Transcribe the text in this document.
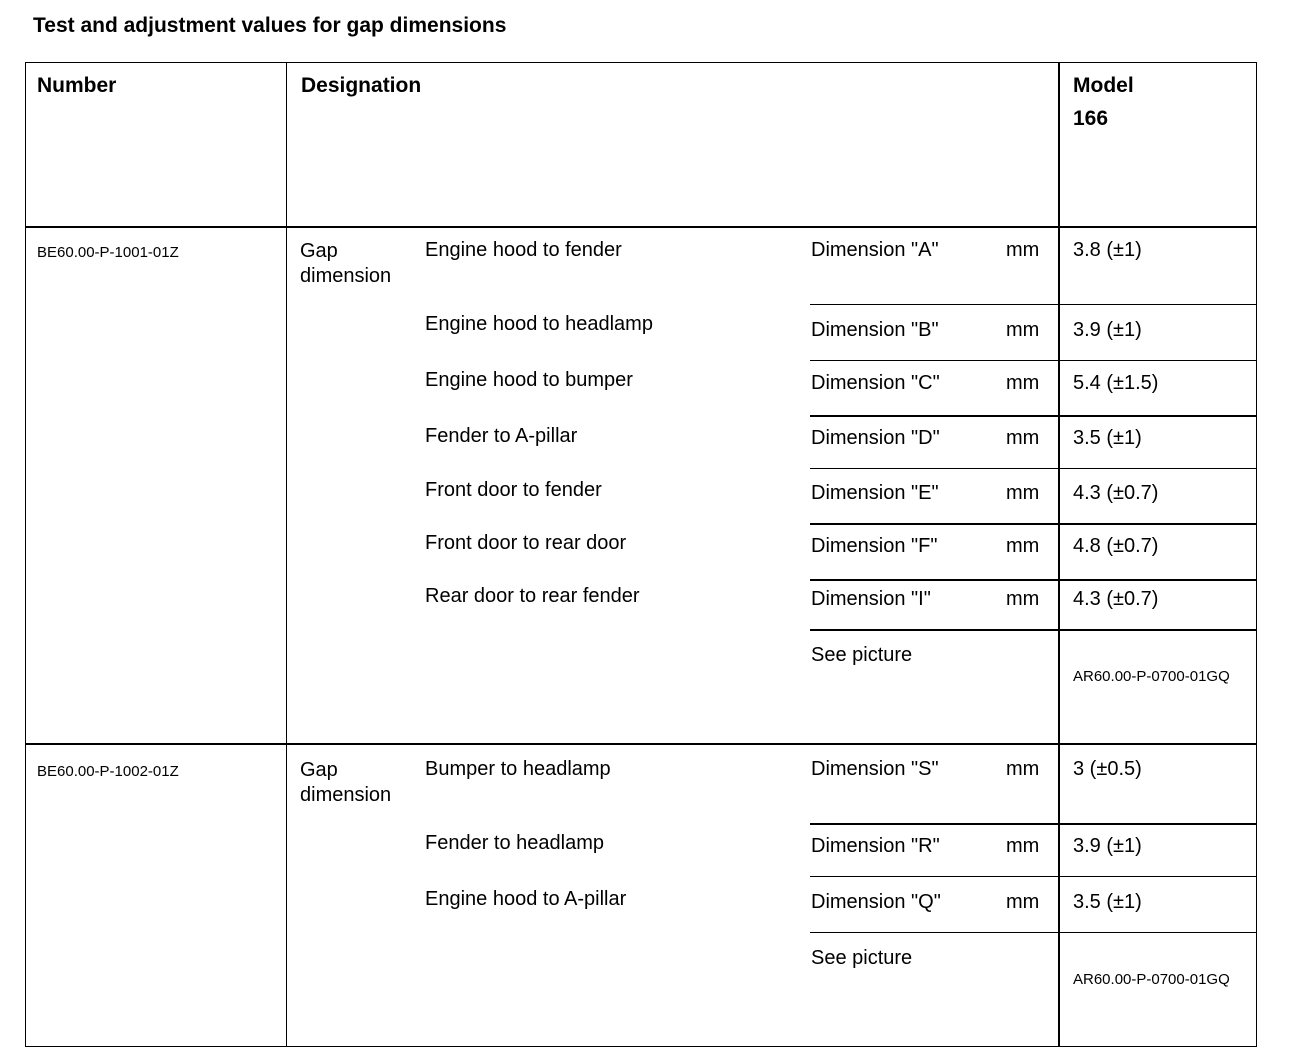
Test and adjustment values for gap dimensions
Number	Designation	Model
166
BE60.00-P-1001-01Z	Gap dimension
Engine hood to fender	Dimension "A"	mm 3.8 (±1)
Engine hood to headlamp	Dimension "B"	mm 3.9 (±1)
Engine hood to bumper	Dimension "C"	mm 5.4 (±1.5)
Fender to A-pillar	Dimension "D"	mm 3.5 (±1)
Front door to fender	Dimension "E"	mm 4.3 (±0.7)
Front door to rear door	Dimension "F"	mm 4.8 (±0.7)
Rear door to rear fender	Dimension "I"	mm 4.3 (±0.7)
See picture
AR60.00-P-0700-01GQ
BE60.00-P-1002-01Z	Gap dimension
Bumper to headlamp	Dimension "S"	mm 3 (±0.5)
Fender to headlamp	Dimension "R"	mm 3.9 (±1)
Engine hood to A-pillar	Dimension "Q"	mm 3.5 (±1)
See picture
AR60.00-P-0700-01GQ
